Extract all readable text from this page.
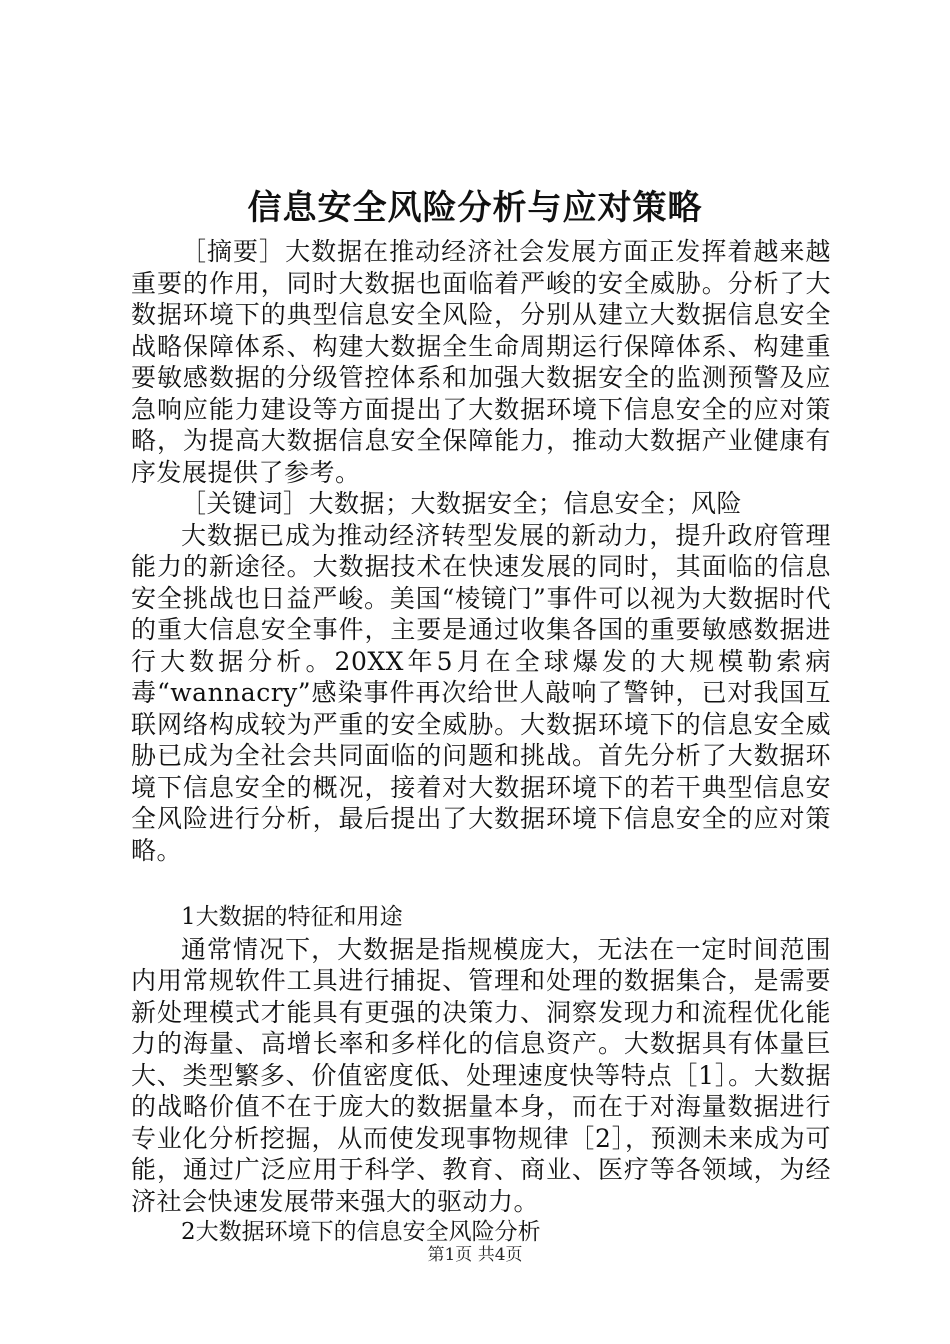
信息安全风险分析与应对策略

［摘要］大数据在推动经济社会发展方面正发挥着越来越重要的作用，同时大数据也面临着严峻的安全威胁。分析了大数据环境下的典型信息安全风险，分别从建立大数据信息安全战略保障体系、构建大数据全生命周期运行保障体系、构建重要敏感数据的分级管控体系和加强大数据安全的监测预警及应急响应能力建设等方面提出了大数据环境下信息安全的应对策略，为提高大数据信息安全保障能力，推动大数据产业健康有序发展提供了参考。

［关键词］大数据；大数据安全；信息安全；风险

大数据已成为推动经济转型发展的新动力，提升政府管理能力的新途径。大数据技术在快速发展的同时，其面临的信息安全挑战也日益严峻。美国“棱镜门”事件可以视为大数据时代的重大信息安全事件，主要是通过收集各国的重要敏感数据进行大数据分析。20XX年5月在全球爆发的大规模勒索病毒“wannacry”感染事件再次给世人敲响了警钟，已对我国互联网络构成较为严重的安全威胁。大数据环境下的信息安全威胁已成为全社会共同面临的问题和挑战。首先分析了大数据环境下信息安全的概况，接着对大数据环境下的若干典型信息安全风险进行分析，最后提出了大数据环境下信息安全的应对策略。

1大数据的特征和用途

通常情况下，大数据是指规模庞大，无法在一定时间范围内用常规软件工具进行捕捉、管理和处理的数据集合，是需要新处理模式才能具有更强的决策力、洞察发现力和流程优化能力的海量、高增长率和多样化的信息资产。大数据具有体量巨大、类型繁多、价值密度低、处理速度快等特点［1］。大数据的战略价值不在于庞大的数据量本身，而在于对海量数据进行专业化分析挖掘，从而使发现事物规律［2］，预测未来成为可能，通过广泛应用于科学、教育、商业、医疗等各领域，为经济社会快速发展带来强大的驱动力。

2大数据环境下的信息安全风险分析

第1页 共4页
